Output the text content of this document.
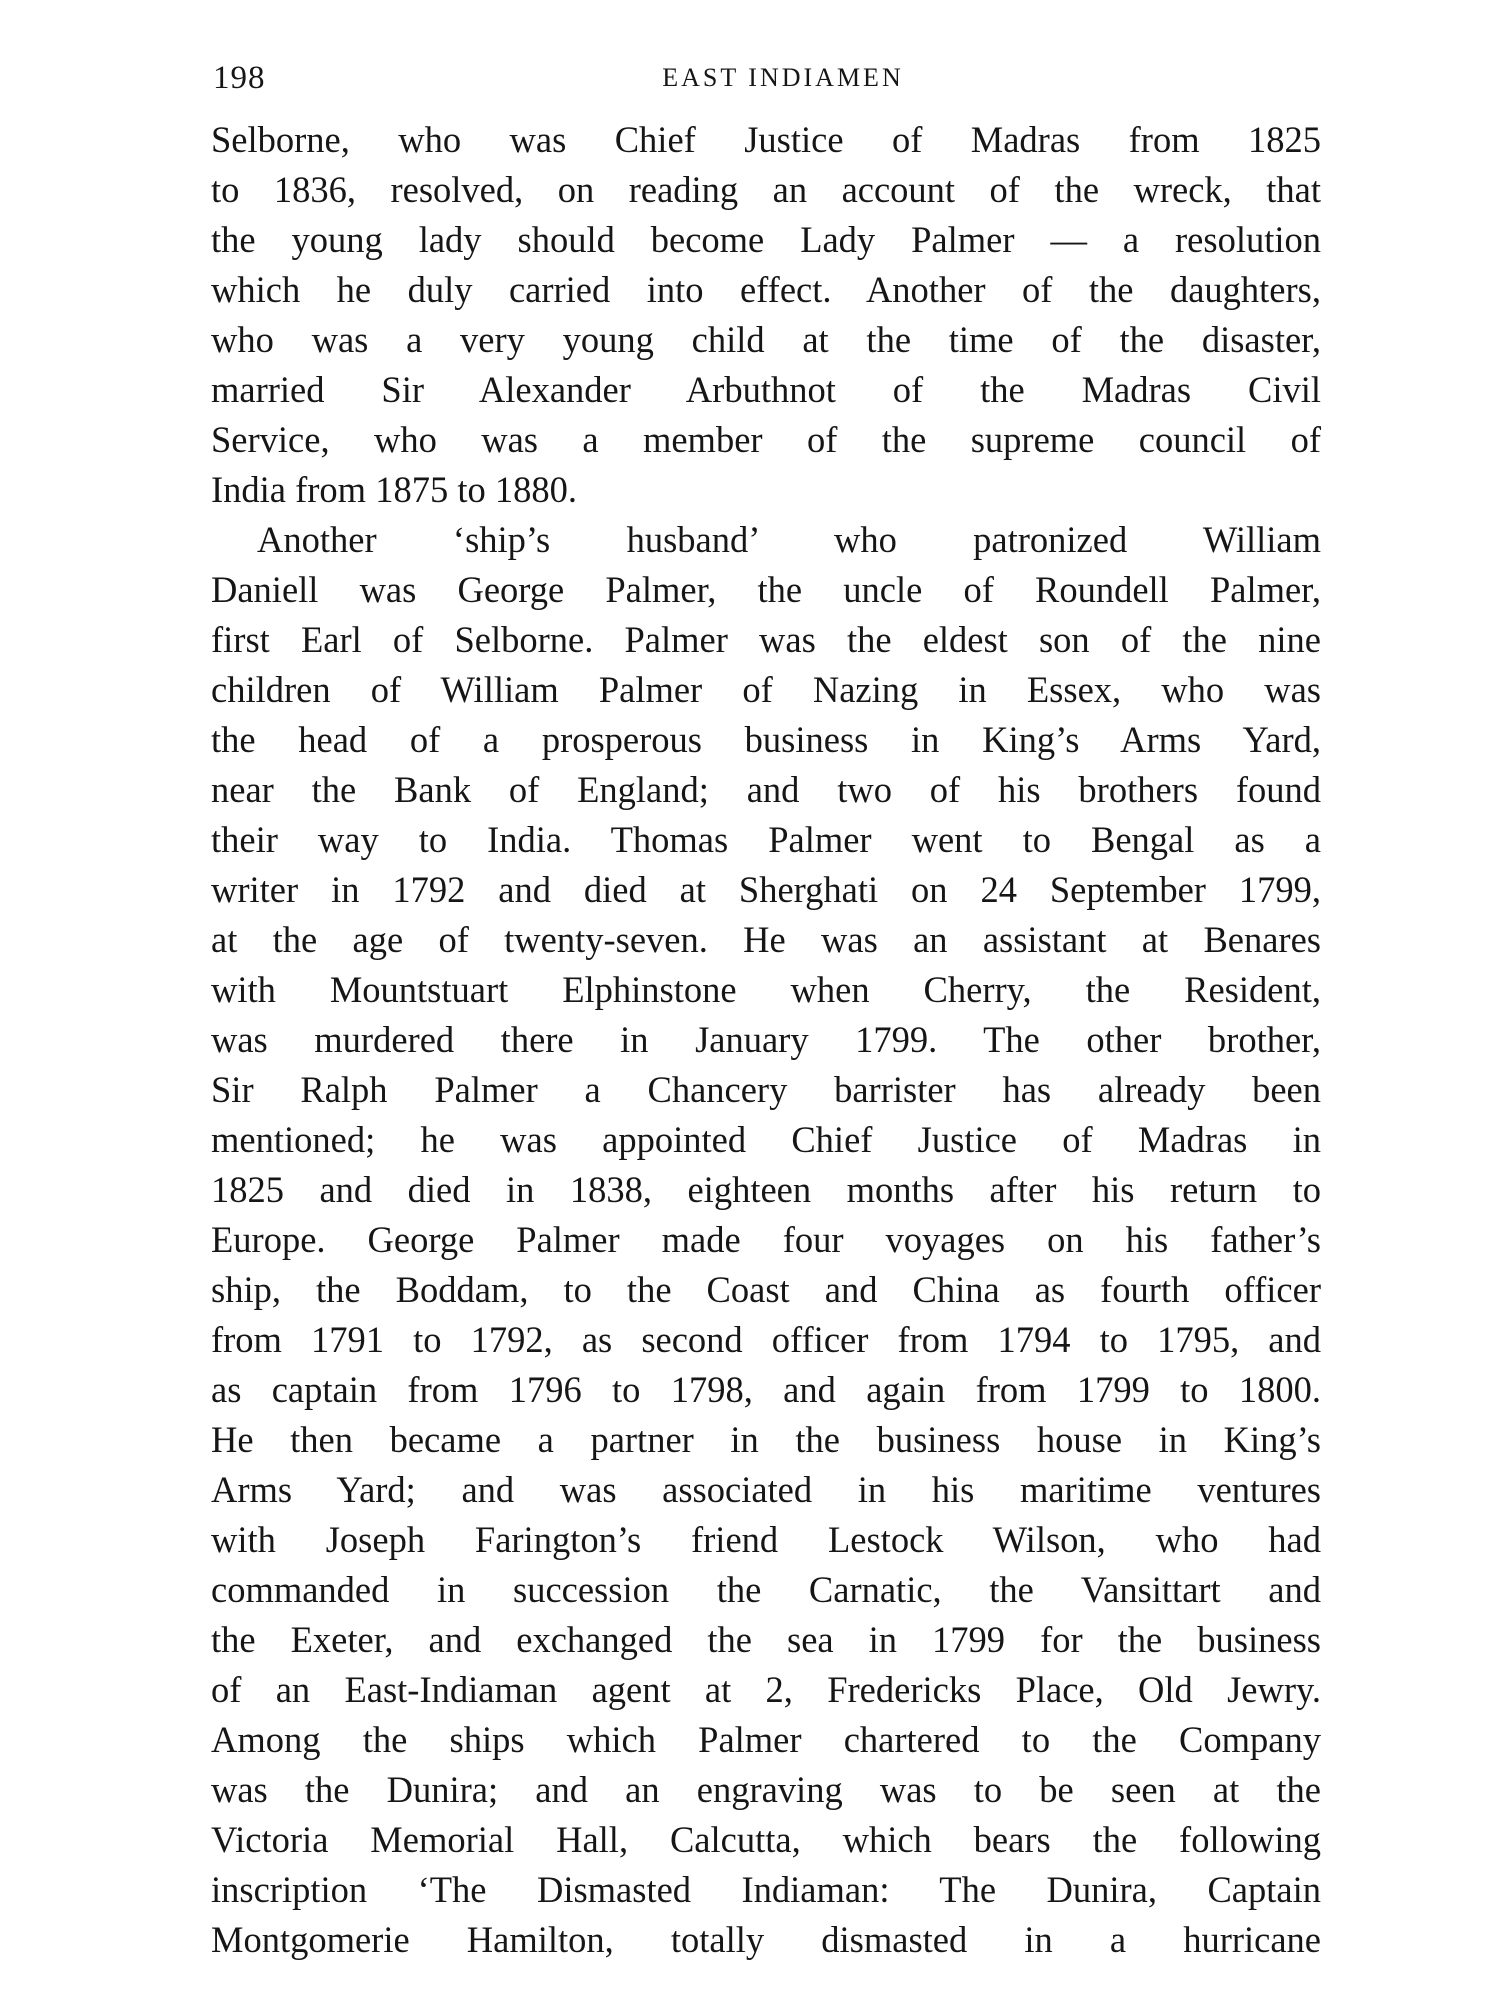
198	EAST INDIAMEN
Selborne, who was Chief Justice of Madras from 1825
to 1836, resolved, on reading an account of the wreck, that
the young lady should become Lady Palmer — a resolution
which he duly carried into effect. Another of the daughters,
who was a very young child at the time of the disaster,
married Sir Alexander Arbuthnot of the Madras Civil
Service, who was a member of the supreme council of
India from 1875 to 1880.
Another ‘ship’s husband’ who patronized William
Daniell was George Palmer, the uncle of Roundell Palmer,
first Earl of Selborne. Palmer was the eldest son of the nine
children of William Palmer of Nazing in Essex, who was
the head of a prosperous business in King’s Arms Yard,
near the Bank of England; and two of his brothers found
their way to India. Thomas Palmer went to Bengal as a
writer in 1792 and died at Sherghati on 24 September 1799,
at the age of twenty-seven. He was an assistant at Benares
with Mountstuart Elphinstone when Cherry, the Resident,
was murdered there in January 1799. The other brother,
Sir Ralph Palmer a Chancery barrister has already been
mentioned; he was appointed Chief Justice of Madras in
1825 and died in 1838, eighteen months after his return to
Europe. George Palmer made four voyages on his father’s
ship, the Boddam, to the Coast and China as fourth officer
from 1791 to 1792, as second officer from 1794 to 1795, and
as captain from 1796 to 1798, and again from 1799 to 1800.
He then became a partner in the business house in King’s
Arms Yard; and was associated in his maritime ventures
with Joseph Farington’s friend Lestock Wilson, who had
commanded in succession the Carnatic, the Vansittart and
the Exeter, and exchanged the sea in 1799 for the business
of an East-Indiaman agent at 2, Fredericks Place, Old Jewry.
Among the ships which Palmer chartered to the Company
was the Dunira; and an engraving was to be seen at the
Victoria Memorial Hall, Calcutta, which bears the following
inscription ‘The Dismasted Indiaman: The Dunira, Captain
Montgomerie Hamilton, totally dismasted in a hurricane
